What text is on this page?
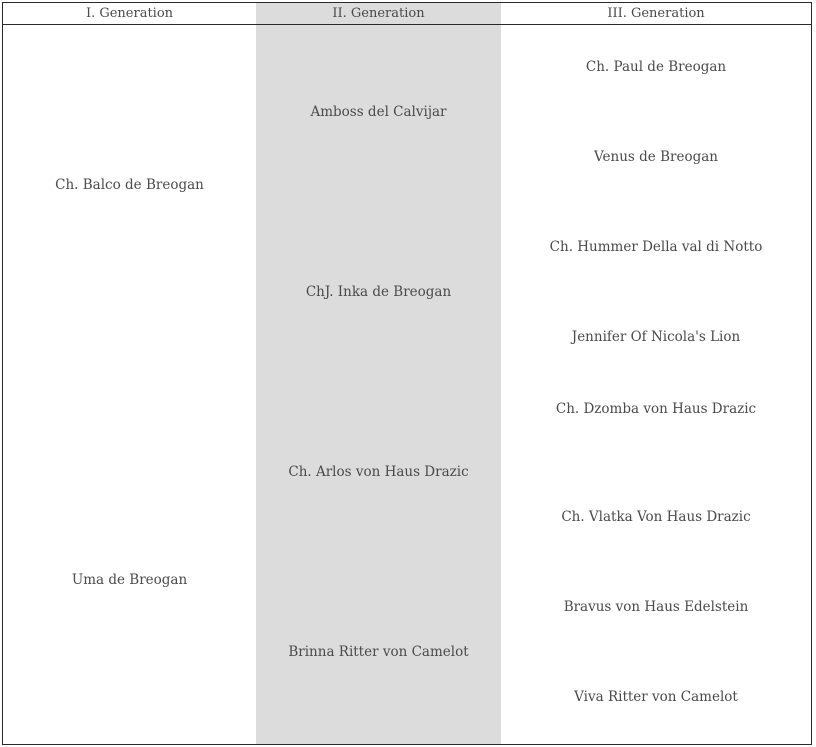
I. Generation	II. Generation	III. Generation
Ch. Balco de Breogan
Uma de Breogan
Amboss del Calvijar
ChJ. Inka de Breogan
Ch. Arlos von Haus Drazic
Brinna Ritter von Camelot
Ch. Paul de Breogan
Venus de Breogan
Ch. Hummer Della val di Notto
Jennifer Of Nicola's Lion
Ch. Dzomba von Haus Drazic
Ch. Vlatka Von Haus Drazic
Bravus von Haus Edelstein
Viva Ritter von Camelot
